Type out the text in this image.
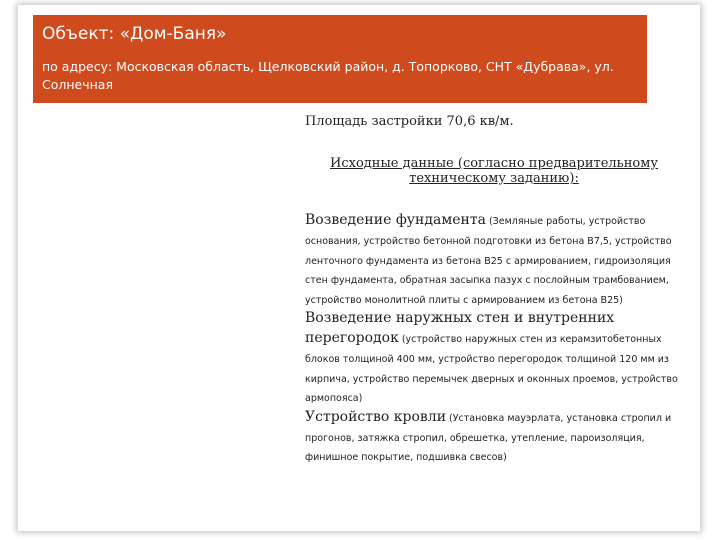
Объект: «Дом-Баня»
по адресу: Московская область, Щелковский район, д. Топорково, СНТ «Дубрава», ул. Солнечная
Площадь застройки 70,6 кв/м.
Исходные данные (согласно предварительному техническому заданию):
Возведение фундамента (Земляные работы, устройство основания, устройство бетонной подготовки из бетона В7,5, устройство ленточного фундамента из бетона В25 с армированием, гидроизоляция стен фундамента, обратная засыпка пазух с послойным трамбованием, устройство монолитной плиты с армированием из бетона В25)
Возведение наружных стен и внутренних перегородок (устройство наружных стен из керамзитобетонных блоков толщиной 400 мм, устройство перегородок толщиной 120 мм из кирпича, устройство перемычек дверных и оконных проемов, устройство армопояса)
Устройство кровли (Установка мауэрлата, установка стропил и прогонов, затяжка стропил, обрешетка, утепление, пароизоляция, финишное покрытие, подшивка свесов)
